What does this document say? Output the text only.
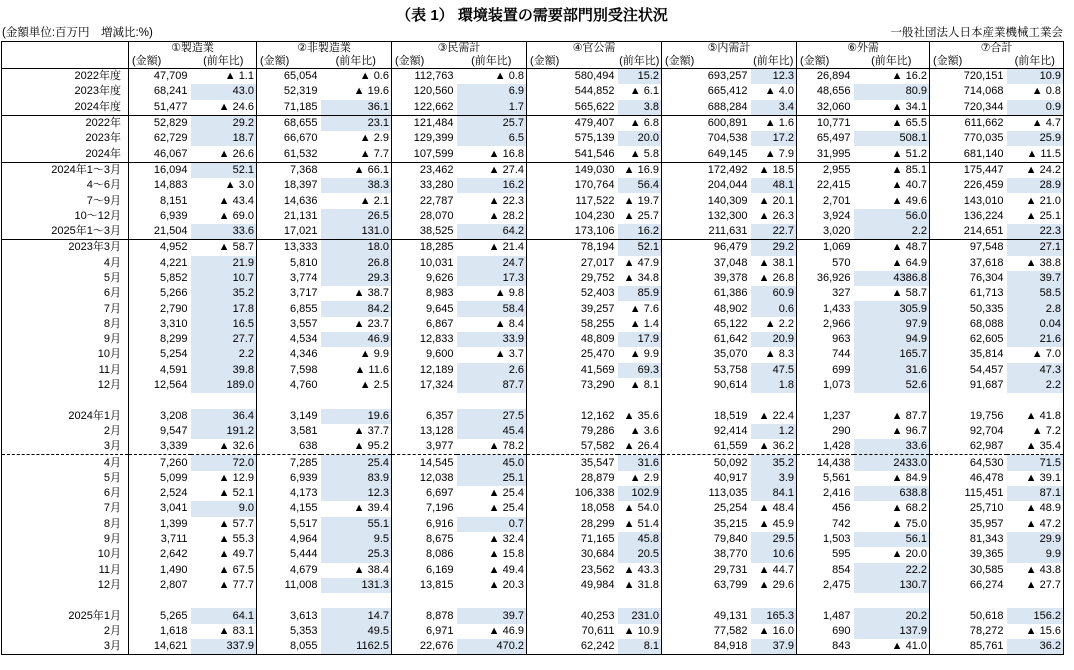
（表 1） 環境装置の需要部門別受注状況
(金額単位:百万円　増減比:%)	一般社団法人日本産業機械工業会
	①製造業		②非製造業		③民需計		④官公需		⑤内需計		⑥外需		⑦合計	
	(金額)	(前年比)	(金額)	(前年比)	(金額)	(前年比)	(金額)	(前年比)	(金額)	(前年比)	(金額)	(前年比)	(金額)	(前年比)
2022年度	47,709	▲ 1.1	65,054	▲ 0.6	112,763	▲ 0.8	580,494	15.2	693,257	12.3	26,894	▲ 16.2	720,151	10.9
2023年度	68,241	43.0	52,319	▲ 19.6	120,560	6.9	544,852	▲ 6.1	665,412	▲ 4.0	48,656	80.9	714,068	▲ 0.8
2024年度	51,477	▲ 24.6	71,185	36.1	122,662	1.7	565,622	3.8	688,284	3.4	32,060	▲ 34.1	720,344	0.9
2022年	52,829	29.2	68,655	23.1	121,484	25.7	479,407	▲ 6.8	600,891	▲ 1.6	10,771	▲ 65.5	611,662	▲ 4.7
2023年	62,729	18.7	66,670	▲ 2.9	129,399	6.5	575,139	20.0	704,538	17.2	65,497	508.1	770,035	25.9
2024年	46,067	▲ 26.6	61,532	▲ 7.7	107,599	▲ 16.8	541,546	▲ 5.8	649,145	▲ 7.9	31,995	▲ 51.2	681,140	▲ 11.5
2024年1～3月	16,094	52.1	7,368	▲ 66.1	23,462	▲ 27.4	149,030	▲ 16.9	172,492	▲ 18.5	2,955	▲ 85.1	175,447	▲ 24.2
4～6月	14,883	▲ 3.0	18,397	38.3	33,280	16.2	170,764	56.4	204,044	48.1	22,415	▲ 40.7	226,459	28.9
7～9月	8,151	▲ 43.4	14,636	▲ 2.1	22,787	▲ 22.3	117,522	▲ 19.7	140,309	▲ 20.1	2,701	▲ 49.6	143,010	▲ 21.0
10～12月	6,939	▲ 69.0	21,131	26.5	28,070	▲ 28.2	104,230	▲ 25.7	132,300	▲ 26.3	3,924	56.0	136,224	▲ 25.1
2025年1～3月	21,504	33.6	17,021	131.0	38,525	64.2	173,106	16.2	211,631	22.7	3,020	2.2	214,651	22.3
2023年3月	4,952	▲ 58.7	13,333	18.0	18,285	▲ 21.4	78,194	52.1	96,479	29.2	1,069	▲ 48.7	97,548	27.1
4月	4,221	21.9	5,810	26.8	10,031	24.7	27,017	▲ 47.9	37,048	▲ 38.1	570	▲ 64.9	37,618	▲ 38.8
5月	5,852	10.7	3,774	29.3	9,626	17.3	29,752	▲ 34.8	39,378	▲ 26.8	36,926	4386.8	76,304	39.7
6月	5,266	35.2	3,717	▲ 38.7	8,983	▲ 9.8	52,403	85.9	61,386	60.9	327	▲ 58.7	61,713	58.5
7月	2,790	17.8	6,855	84.2	9,645	58.4	39,257	▲ 7.6	48,902	0.6	1,433	305.9	50,335	2.8
8月	3,310	16.5	3,557	▲ 23.7	6,867	▲ 8.4	58,255	▲ 1.4	65,122	▲ 2.2	2,966	97.9	68,088	0.04
9月	8,299	27.7	4,534	46.9	12,833	33.9	48,809	17.9	61,642	20.9	963	94.9	62,605	21.6
10月	5,254	2.2	4,346	▲ 9.9	9,600	▲ 3.7	25,470	▲ 9.9	35,070	▲ 8.3	744	165.7	35,814	▲ 7.0
11月	4,591	39.8	7,598	▲ 11.6	12,189	2.6	41,569	69.3	53,758	47.5	699	31.6	54,457	47.3
12月	12,564	189.0	4,760	▲ 2.5	17,324	87.7	73,290	▲ 8.1	90,614	1.8	1,073	52.6	91,687	2.2

2024年1月	3,208	36.4	3,149	19.6	6,357	27.5	12,162	▲ 35.6	18,519	▲ 22.4	1,237	▲ 87.7	19,756	▲ 41.8
2月	9,547	191.2	3,581	▲ 37.7	13,128	45.4	79,286	▲ 3.6	92,414	1.2	290	▲ 96.7	92,704	▲ 7.2
3月	3,339	▲ 32.6	638	▲ 95.2	3,977	▲ 78.2	57,582	▲ 26.4	61,559	▲ 36.2	1,428	33.6	62,987	▲ 35.4
4月	7,260	72.0	7,285	25.4	14,545	45.0	35,547	31.6	50,092	35.2	14,438	2433.0	64,530	71.5
5月	5,099	▲ 12.9	6,939	83.9	12,038	25.1	28,879	▲ 2.9	40,917	3.9	5,561	▲ 84.9	46,478	▲ 39.1
6月	2,524	▲ 52.1	4,173	12.3	6,697	▲ 25.4	106,338	102.9	113,035	84.1	2,416	638.8	115,451	87.1
7月	3,041	9.0	4,155	▲ 39.4	7,196	▲ 25.4	18,058	▲ 54.0	25,254	▲ 48.4	456	▲ 68.2	25,710	▲ 48.9
8月	1,399	▲ 57.7	5,517	55.1	6,916	0.7	28,299	▲ 51.4	35,215	▲ 45.9	742	▲ 75.0	35,957	▲ 47.2
9月	3,711	▲ 55.3	4,964	9.5	8,675	▲ 32.4	71,165	45.8	79,840	29.5	1,503	56.1	81,343	29.9
10月	2,642	▲ 49.7	5,444	25.3	8,086	▲ 15.8	30,684	20.5	38,770	10.6	595	▲ 20.0	39,365	9.9
11月	1,490	▲ 67.5	4,679	▲ 38.4	6,169	▲ 49.4	23,562	▲ 43.3	29,731	▲ 44.7	854	22.2	30,585	▲ 43.8
12月	2,807	▲ 77.7	11,008	131.3	13,815	▲ 20.3	49,984	▲ 31.8	63,799	▲ 29.6	2,475	130.7	66,274	▲ 27.7

2025年1月	5,265	64.1	3,613	14.7	8,878	39.7	40,253	231.0	49,131	165.3	1,487	20.2	50,618	156.2
2月	1,618	▲ 83.1	5,353	49.5	6,971	▲ 46.9	70,611	▲ 10.9	77,582	▲ 16.0	690	137.9	78,272	▲ 15.6
3月	14,621	337.9	8,055	1162.5	22,676	470.2	62,242	8.1	84,918	37.9	843	▲ 41.0	85,761	36.2
